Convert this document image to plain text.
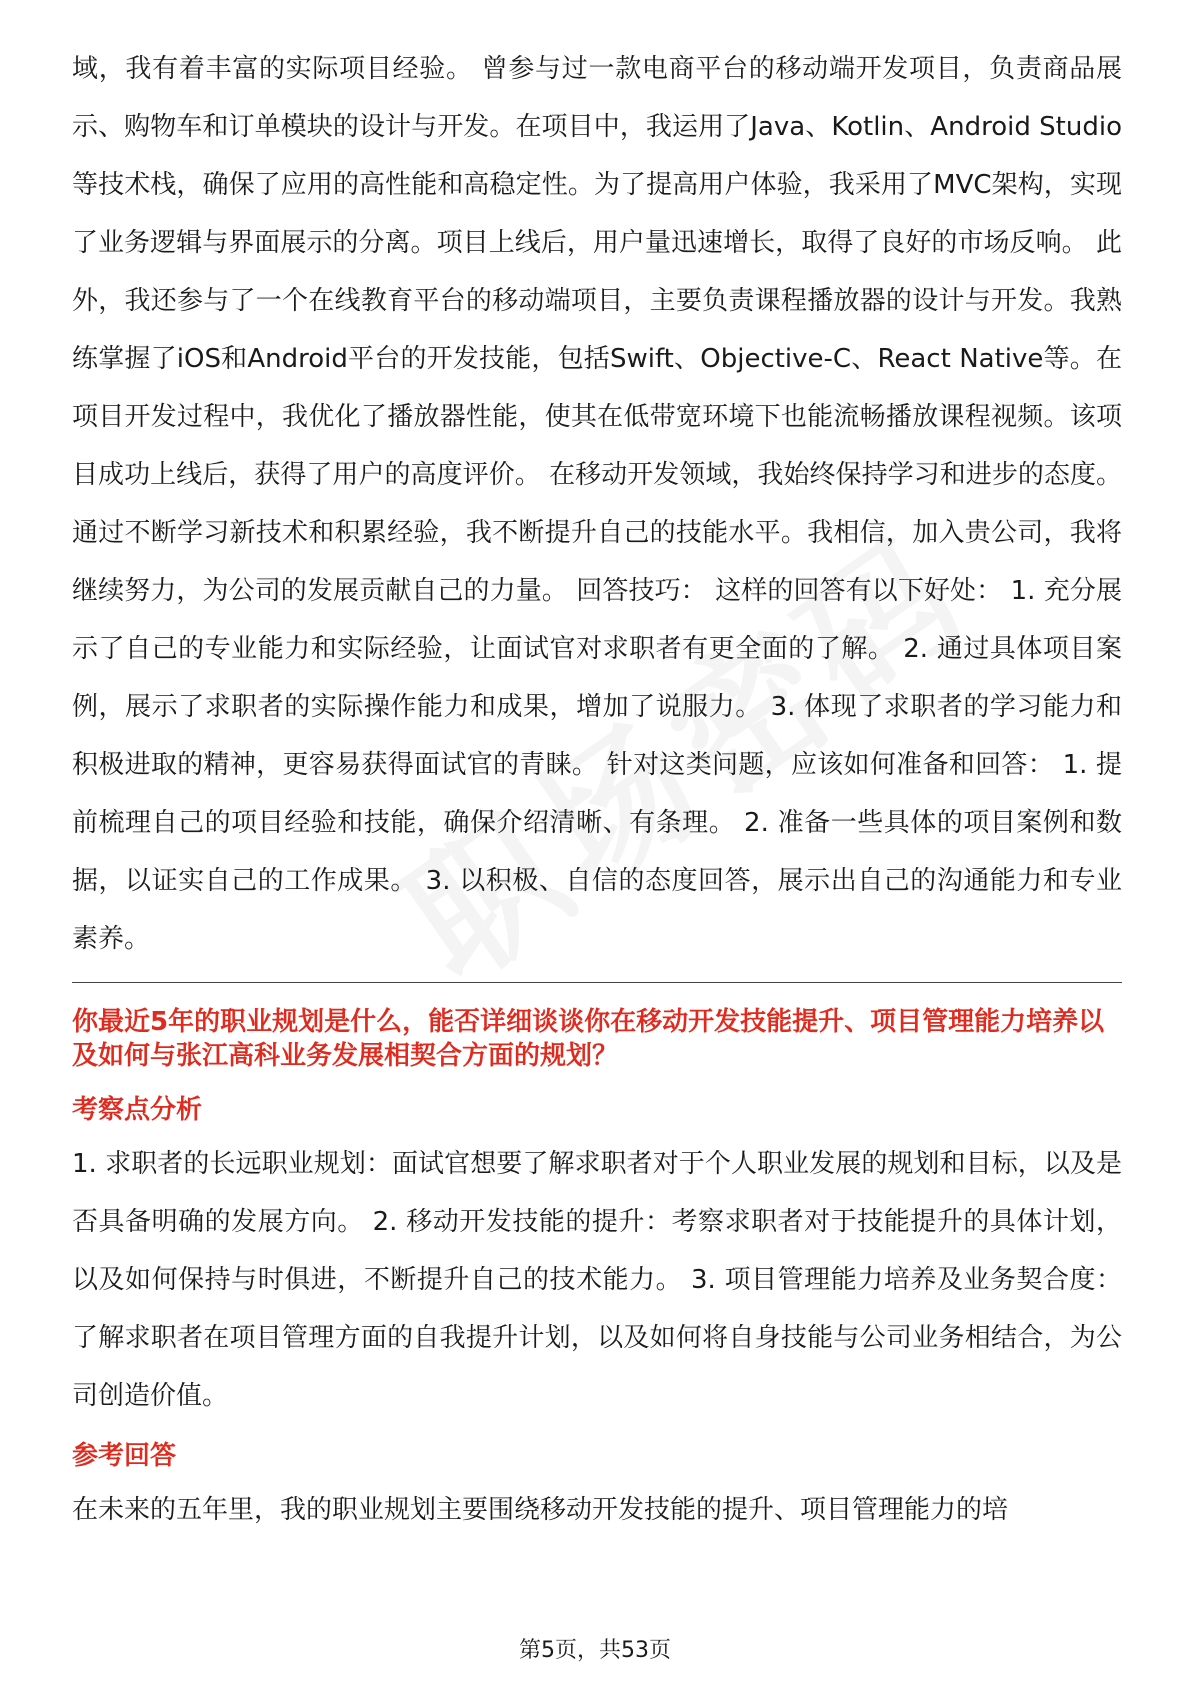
域，我有着丰富的实际项目经验。 曾参与过一款电商平台的移动端开发项目，负责商品展示、购物车和订单模块的设计与开发。在项目中，我运用了Java、Kotlin、Android Studio等技术栈，确保了应用的高性能和高稳定性。为了提高用户体验，我采用了MVC架构，实现了业务逻辑与界面展示的分离。项目上线后，用户量迅速增长，取得了良好的市场反响。 此外，我还参与了一个在线教育平台的移动端项目，主要负责课程播放器的设计与开发。我熟练掌握了iOS和Android平台的开发技能，包括Swift、Objective-C、React Native等。在项目开发过程中，我优化了播放器性能，使其在低带宽环境下也能流畅播放课程视频。该项目成功上线后，获得了用户的高度评价。 在移动开发领域，我始终保持学习和进步的态度。通过不断学习新技术和积累经验，我不断提升自己的技能水平。我相信，加入贵公司，我将继续努力，为公司的发展贡献自己的力量。 回答技巧： 这样的回答有以下好处： 1. 充分展示了自己的专业能力和实际经验，让面试官对求职者有更全面的了解。 2. 通过具体项目案例，展示了求职者的实际操作能力和成果，增加了说服力。 3. 体现了求职者的学习能力和积极进取的精神，更容易获得面试官的青睐。 针对这类问题，应该如何准备和回答： 1. 提前梳理自己的项目经验和技能，确保介绍清晰、有条理。 2. 准备一些具体的项目案例和数据，以证实自己的工作成果。 3. 以积极、自信的态度回答，展示出自己的沟通能力和专业素养。

你最近5年的职业规划是什么，能否详细谈谈你在移动开发技能提升、项目管理能力培养以及如何与张江高科业务发展相契合方面的规划？

考察点分析

1. 求职者的长远职业规划：面试官想要了解求职者对于个人职业发展的规划和目标，以及是否具备明确的发展方向。 2. 移动开发技能的提升：考察求职者对于技能提升的具体计划，以及如何保持与时俱进，不断提升自己的技术能力。 3. 项目管理能力培养及业务契合度：了解求职者在项目管理方面的自我提升计划，以及如何将自身技能与公司业务相结合，为公司创造价值。

参考回答

在未来的五年里，我的职业规划主要围绕移动开发技能的提升、项目管理能力的培

第5页，共53页
